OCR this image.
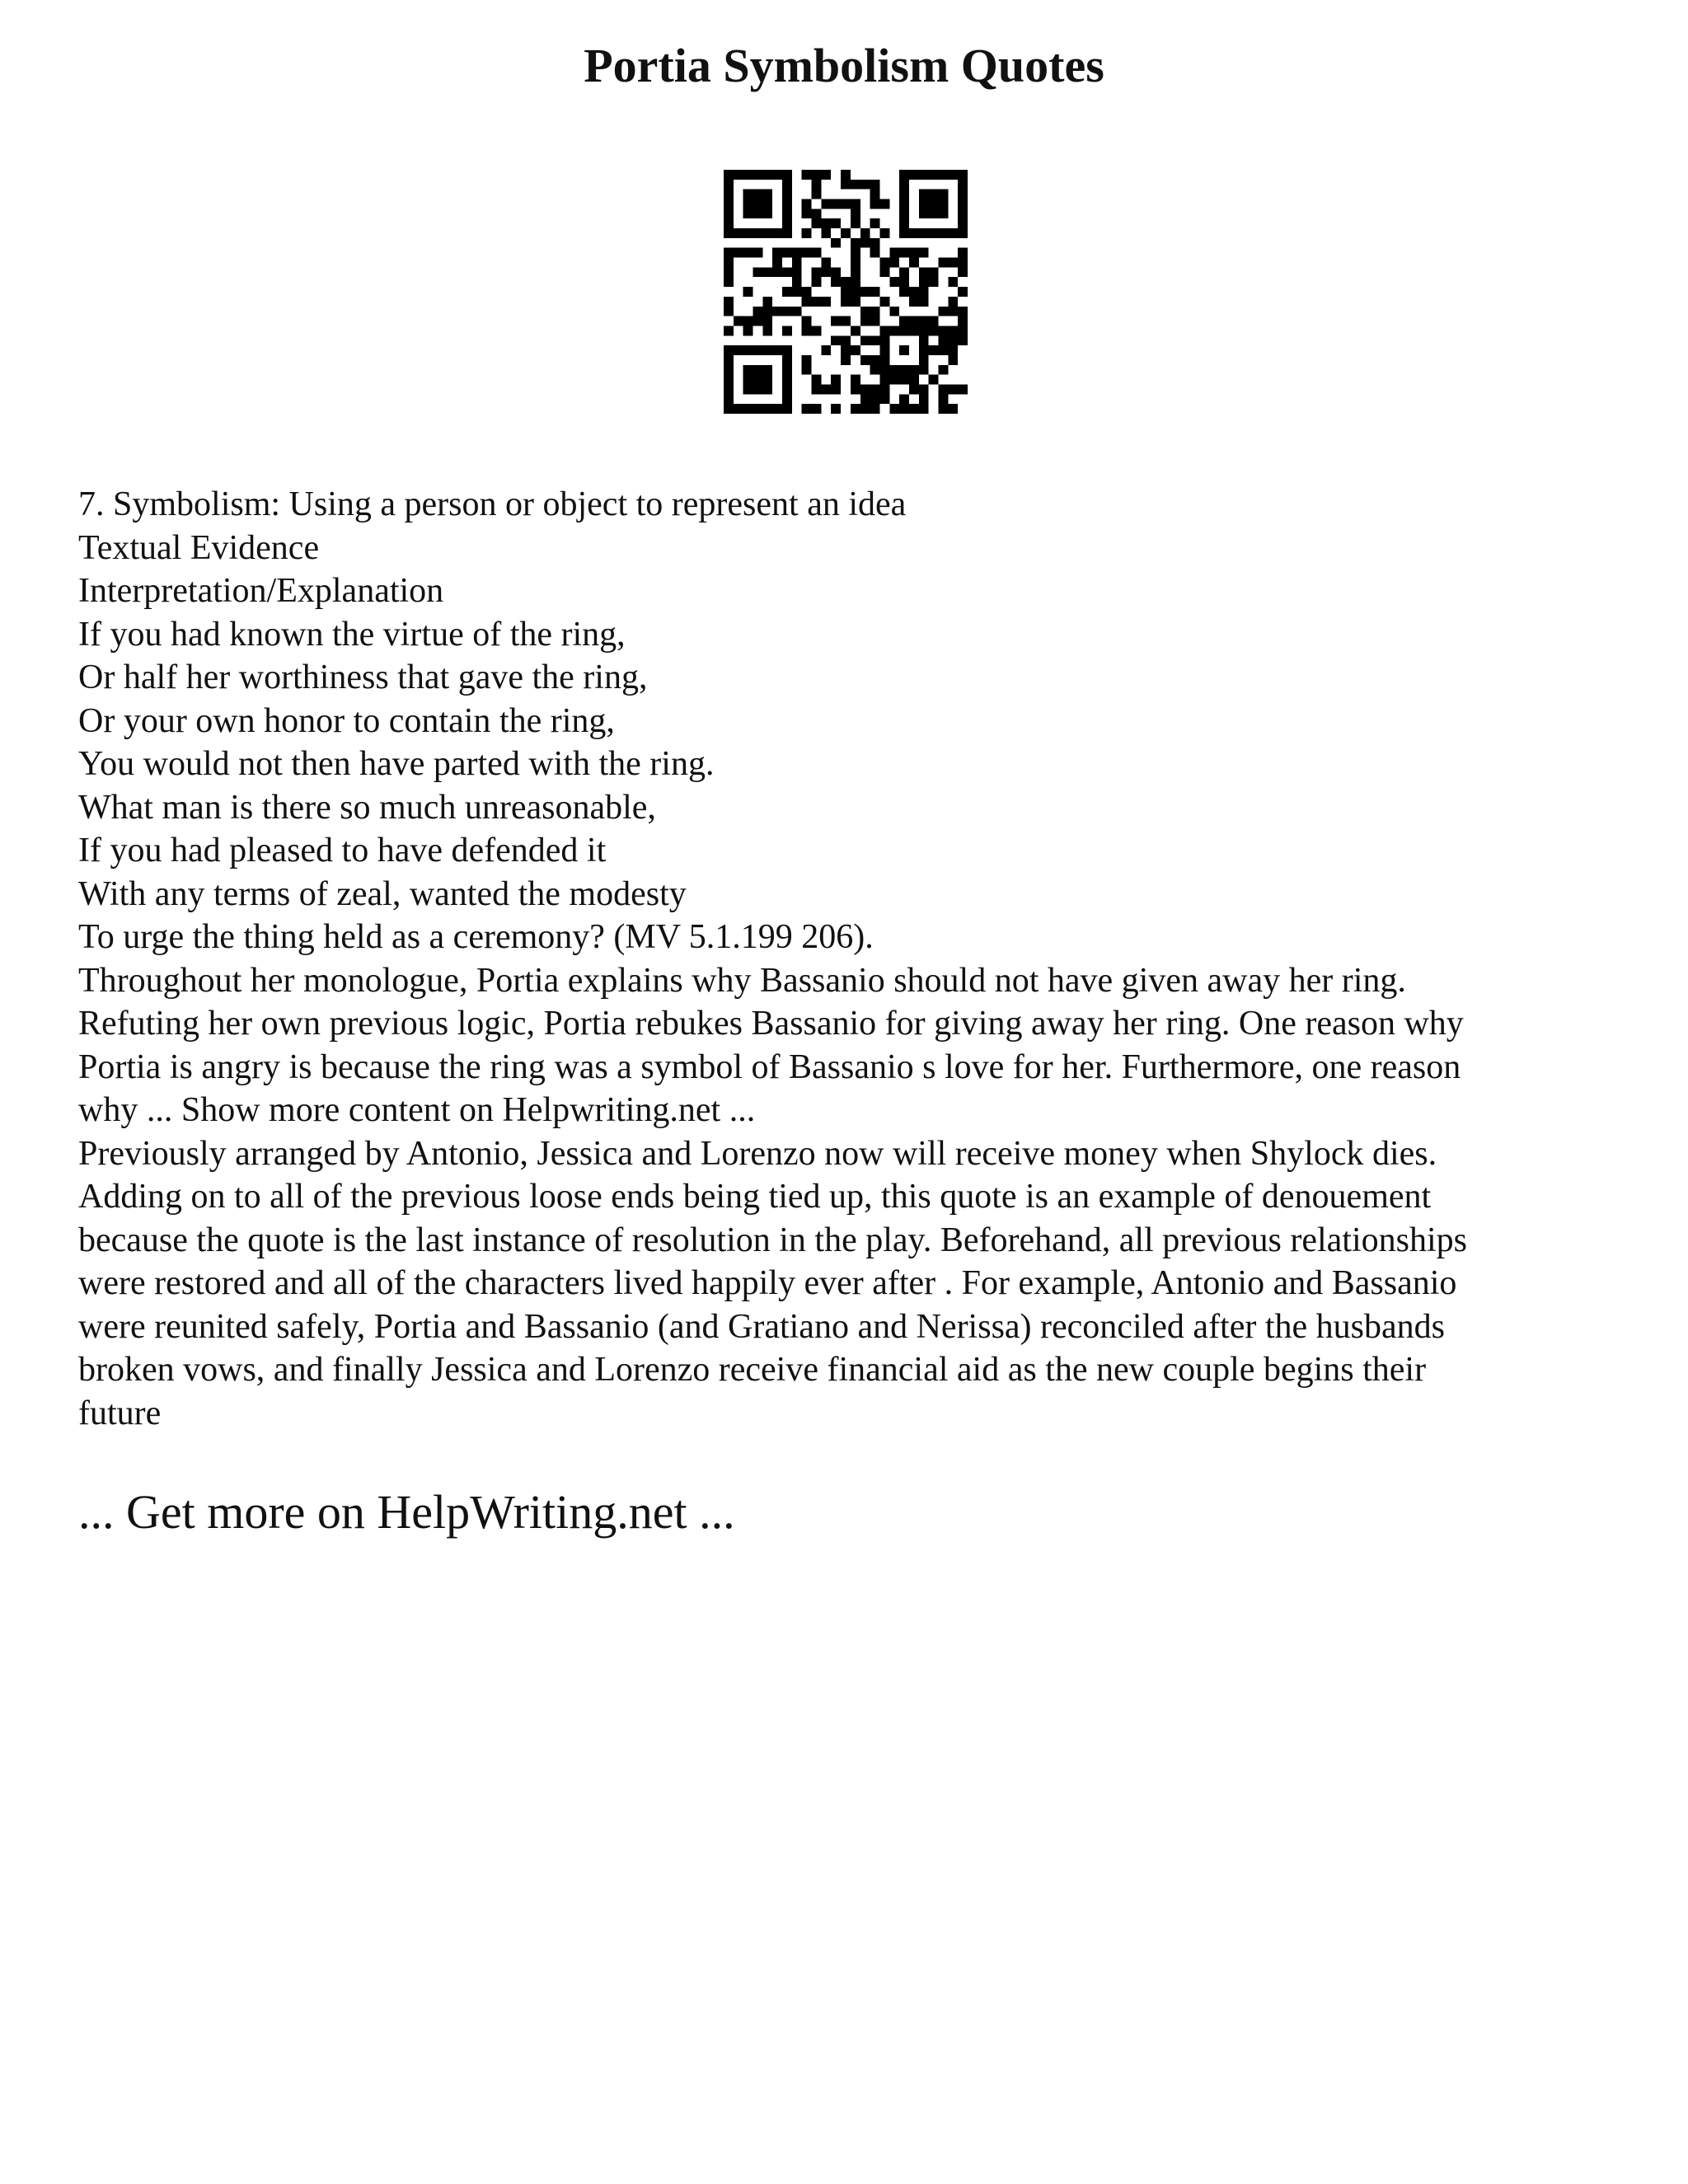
Portia Symbolism Quotes

7. Symbolism: Using a person or object to represent an idea

Textual Evidence

Interpretation/Explanation

If you had known the virtue of the ring,

Or half her worthiness that gave the ring,

Or your own honor to contain the ring,

You would not then have parted with the ring.

What man is there so much unreasonable,

If you had pleased to have defended it

With any terms of zeal, wanted the modesty

To urge the thing held as a ceremony? (MV 5.1.199 206).

Throughout her monologue, Portia explains why Bassanio should not have given away her ring.

Refuting her own previous logic, Portia rebukes Bassanio for giving away her ring. One reason why

Portia is angry is because the ring was a symbol of Bassanio s love for her. Furthermore, one reason

why ... Show more content on Helpwriting.net ...

Previously arranged by Antonio, Jessica and Lorenzo now will receive money when Shylock dies.

Adding on to all of the previous loose ends being tied up, this quote is an example of denouement

because the quote is the last instance of resolution in the play. Beforehand, all previous relationships

were restored and all of the characters lived happily ever after . For example, Antonio and Bassanio

were reunited safely, Portia and Bassanio (and Gratiano and Nerissa) reconciled after the husbands

broken vows, and finally Jessica and Lorenzo receive financial aid as the new couple begins their

future

... Get more on HelpWriting.net ...
